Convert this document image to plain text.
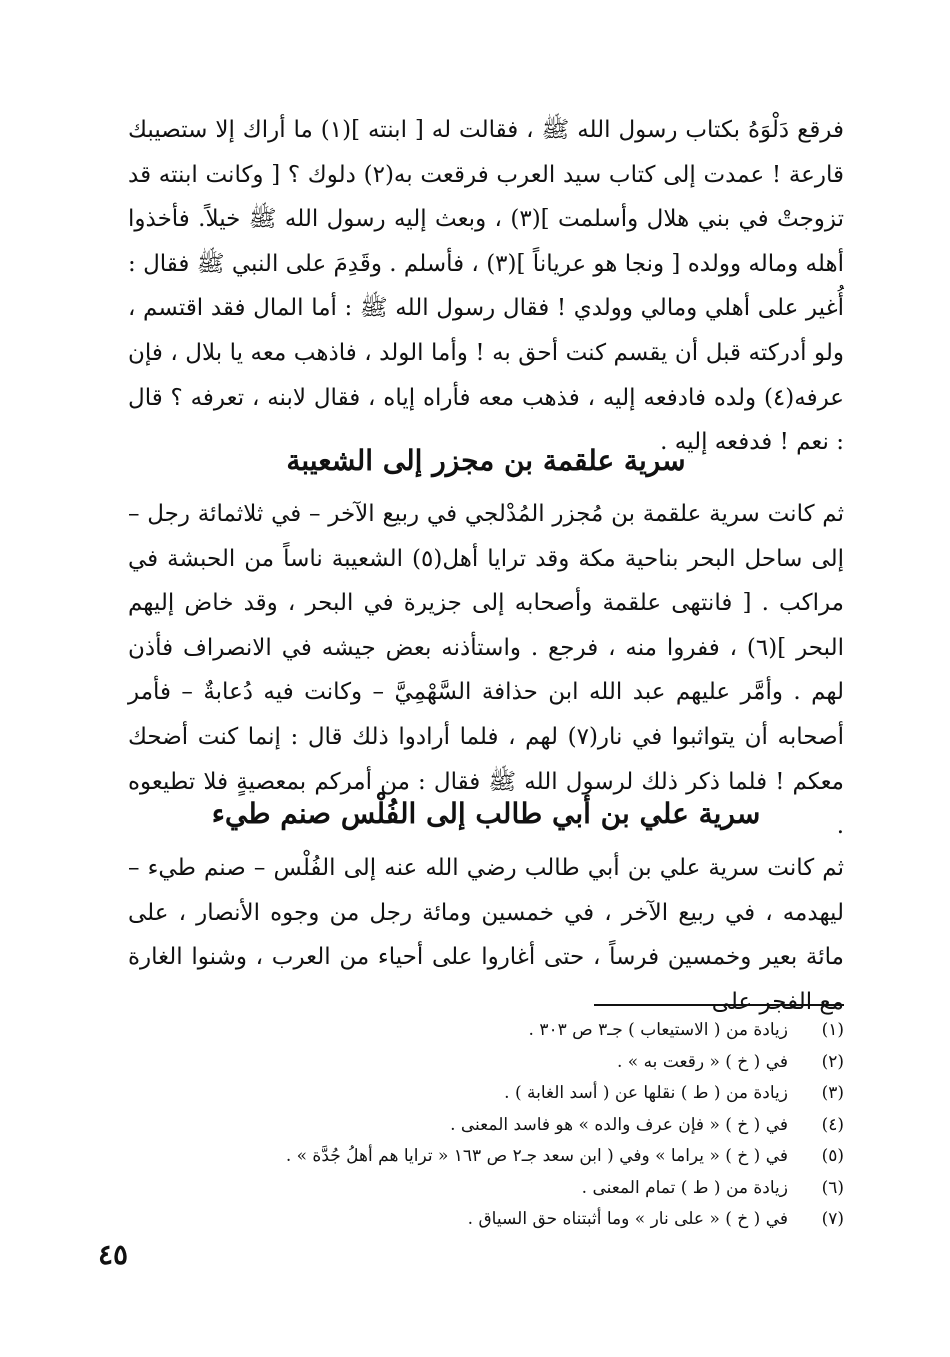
فرقع دَلْوَهُ بكتاب رسول الله ﷺ ، فقالت له [ ابنته ](١) ما أراك إلا ستصيبك قارعة ! عمدت إلى كتاب سيد العرب فرقعت به(٢) دلوك ؟ [ وكانت ابنته قد تزوجتْ في بني هلال وأسلمت ](٣) ، وبعث إليه رسول الله ﷺ خيلاً. فأخذوا أهله وماله وولده [ ونجا هو عرياناً ](٣) ، فأسلم . وقَدِمَ على النبي ﷺ فقال : أُغير على أهلي ومالي وولدي ! فقال رسول الله ﷺ : أما المال فقد اقتسم ، ولو أدركته قبل أن يقسم كنت أحق به ! وأما الولد ، فاذهب معه يا بلال ، فإن عرفه(٤) ولده فادفعه إليه ، فذهب معه فأراه إياه ، فقال لابنه ، تعرفه ؟ قال : نعم ! فدفعه إليه .

سرية علقمة بن مجزر إلى الشعيبة

ثم كانت سرية علقمة بن مُجزر المُدْلجي في ربيع الآخر – في ثلاثمائة رجل – إلى ساحل البحر بناحية مكة وقد ترايا أهل(٥) الشعيبة ناساً من الحبشة في مراكب . [ فانتهى علقمة وأصحابه إلى جزيرة في البحر ، وقد خاض إليهم البحر ](٦) ، ففروا منه ، فرجع . واستأذنه بعض جيشه في الانصراف فأذن لهم . وأمَّر عليهم عبد الله ابن حذافة السَّهْمِيَّ – وكانت فيه دُعابةٌ – فأمر أصحابه أن يتواثبوا في نار(٧) لهم ، فلما أرادوا ذلك قال : إنما كنت أضحك معكم ! فلما ذكر ذلك لرسول الله ﷺ فقال : من أمركم بمعصيةٍ فلا تطيعوه .

سرية علي بن أبي طالب إلى الفُلْس صنم طيء

ثم كانت سرية علي بن أبي طالب رضي الله عنه إلى الفُلْس – صنم طيء – ليهدمه ، في ربيع الآخر ، في خمسين ومائة رجل من وجوه الأنصار ، على مائة بعير وخمسين فرساً ، حتى أغاروا على أحياء من العرب ، وشنوا الغارة مع الفجر على

(١)زيادة من ( الاستيعاب ) جـ٣ ص ٣٠٣ .
(٢)في ( خ ) « رقعت به » .
(٣)زيادة من ( ط ) نقلها عن ( أسد الغابة ) .
(٤)في ( خ ) « فإن عرف والده » هو فاسد المعنى .
(٥)في ( خ ) « يراما » وفي ( ابن سعد جـ٢ ص ١٦٣ « ترايا هم أهلُ جُدَّة » .
(٦)زيادة من ( ط ) تمام المعنى .
(٧)في ( خ ) « على نار » وما أثبتناه حق السياق .
٤٥
